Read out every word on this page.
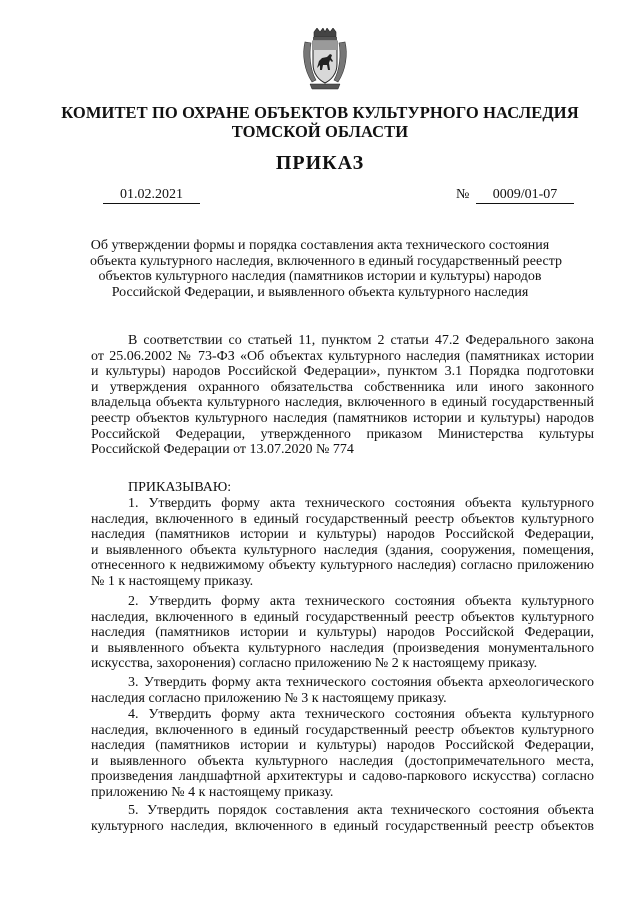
КОМИТЕТ ПО ОХРАНЕ ОБЪЕКТОВ КУЛЬТУРНОГО НАСЛЕДИЯ
ТОМСКОЙ ОБЛАСТИ
ПРИКАЗ
01.02.2021	№	0009/01-07
Об утверждении формы и порядка составления акта технического состояния
объекта культурного наследия, включенного в единый государственный реестр
объектов культурного наследия (памятников истории и культуры) народов
Российской Федерации, и выявленного объекта культурного наследия
В соответствии со статьей 11, пунктом 2 статьи 47.2 Федерального закона
от 25.06.2002 № 73-ФЗ «Об объектах культурного наследия (памятниках истории
и культуры) народов Российской Федерации», пунктом 3.1 Порядка подготовки
и утверждения охранного обязательства собственника или иного законного
владельца объекта культурного наследия, включенного в единый государственный
реестр объектов культурного наследия (памятников истории и культуры) народов
Российской Федерации, утвержденного приказом Министерства культуры
Российской Федерации от 13.07.2020 № 774
ПРИКАЗЫВАЮ:
1. Утвердить форму акта технического состояния объекта культурного
наследия, включенного в единый государственный реестр объектов культурного
наследия (памятников истории и культуры) народов Российской Федерации,
и выявленного объекта культурного наследия (здания, сооружения, помещения,
отнесенного к недвижимому объекту культурного наследия) согласно приложению
№ 1 к настоящему приказу.
2. Утвердить форму акта технического состояния объекта культурного
наследия, включенного в единый государственный реестр объектов культурного
наследия (памятников истории и культуры) народов Российской Федерации,
и выявленного объекта культурного наследия (произведения монументального
искусства, захоронения) согласно приложению № 2 к настоящему приказу.
3. Утвердить форму акта технического состояния объекта археологического
наследия согласно приложению № 3 к настоящему приказу.
4. Утвердить форму акта технического состояния объекта культурного
наследия, включенного в единый государственный реестр объектов культурного
наследия (памятников истории и культуры) народов Российской Федерации,
и выявленного объекта культурного наследия (достопримечательного места,
произведения ландшафтной архитектуры и садово-паркового искусства) согласно
приложению № 4 к настоящему приказу.
5. Утвердить порядок составления акта технического состояния объекта
культурного наследия, включенного в единый государственный реестр объектов
